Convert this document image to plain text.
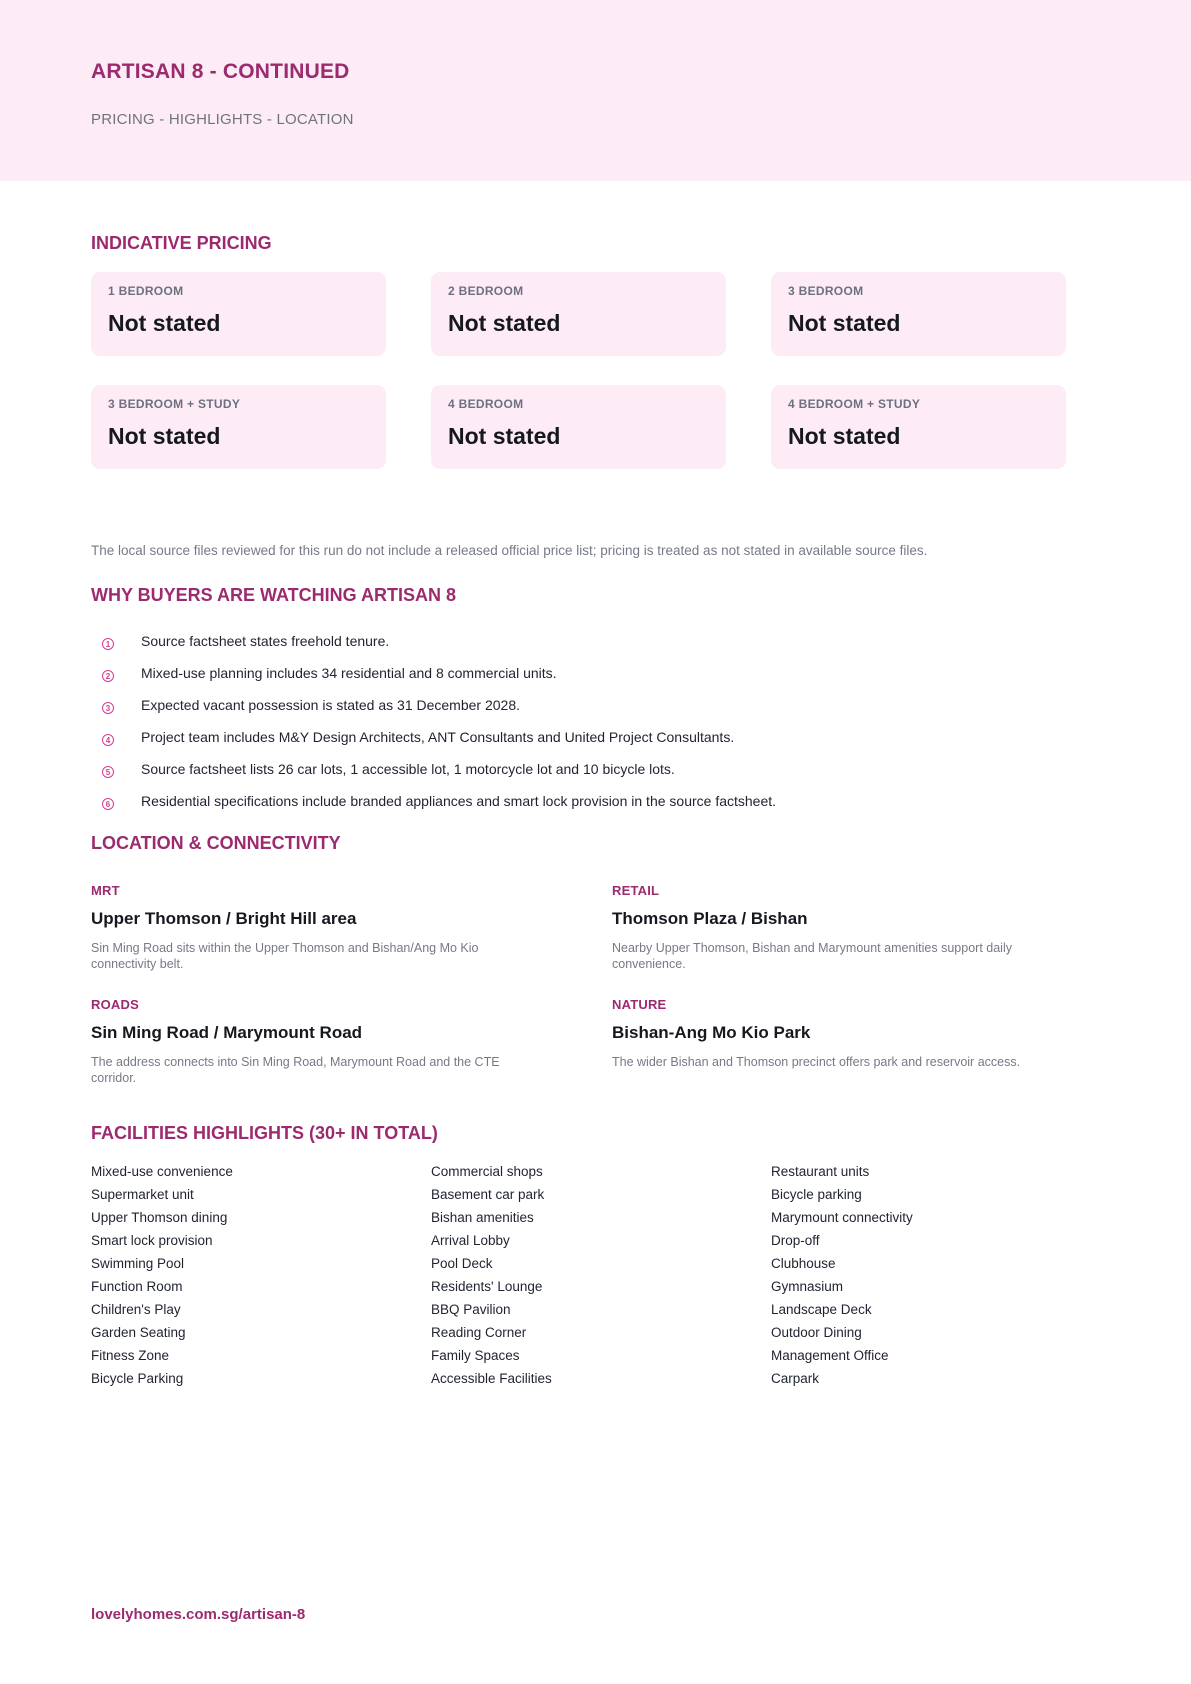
ARTISAN 8 - CONTINUED
PRICING - HIGHLIGHTS - LOCATION
INDICATIVE PRICING
1 BEDROOM
Not stated
2 BEDROOM
Not stated
3 BEDROOM
Not stated
3 BEDROOM + STUDY
Not stated
4 BEDROOM
Not stated
4 BEDROOM + STUDY
Not stated
The local source files reviewed for this run do not include a released official price list; pricing is treated as not stated in available source files.
WHY BUYERS ARE WATCHING ARTISAN 8
1 Source factsheet states freehold tenure.
2 Mixed-use planning includes 34 residential and 8 commercial units.
3 Expected vacant possession is stated as 31 December 2028.
4 Project team includes M&Y Design Architects, ANT Consultants and United Project Consultants.
5 Source factsheet lists 26 car lots, 1 accessible lot, 1 motorcycle lot and 10 bicycle lots.
6 Residential specifications include branded appliances and smart lock provision in the source factsheet.
LOCATION & CONNECTIVITY
MRT
Upper Thomson / Bright Hill area
Sin Ming Road sits within the Upper Thomson and Bishan/Ang Mo Kio connectivity belt.
RETAIL
Thomson Plaza / Bishan
Nearby Upper Thomson, Bishan and Marymount amenities support daily convenience.
ROADS
Sin Ming Road / Marymount Road
The address connects into Sin Ming Road, Marymount Road and the CTE corridor.
NATURE
Bishan-Ang Mo Kio Park
The wider Bishan and Thomson precinct offers park and reservoir access.
FACILITIES HIGHLIGHTS (30+ IN TOTAL)
Mixed-use convenience
Supermarket unit
Upper Thomson dining
Smart lock provision
Swimming Pool
Function Room
Children's Play
Garden Seating
Fitness Zone
Bicycle Parking
Commercial shops
Basement car park
Bishan amenities
Arrival Lobby
Pool Deck
Residents' Lounge
BBQ Pavilion
Reading Corner
Family Spaces
Accessible Facilities
Restaurant units
Bicycle parking
Marymount connectivity
Drop-off
Clubhouse
Gymnasium
Landscape Deck
Outdoor Dining
Management Office
Carpark
lovelyhomes.com.sg/artisan-8
